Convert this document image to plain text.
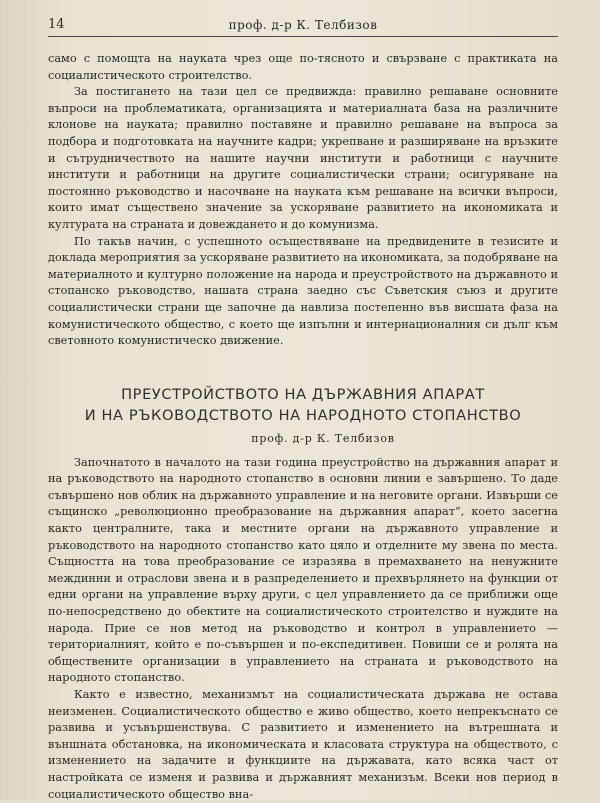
14	проф. д-р К. Телбизов

само с помощта на науката чрез още по-тясното и свързване с практиката на социалистическото строителство.

За постигането на тази цел се предвижда: правилно решаване основните въпроси на проблематиката, организацията и материалната база на различните клонове на науката; правилно поставяне и правилно решаване на въпроса за подбора и подготовката на научните кадри; укрепване и разширяване на връзките и сътрудничеството на нашите научни институти и работници с научните институти и работници на другите социалистически страни; осигуряване на постоянно ръководство и насочване на науката към решаване на всички въпроси, които имат съществено значение за ускоряване развитието на икономиката и културата на страната и довеждането и до комунизма.

По такъв начин, с успешното осъществяване на предвидените в тезисите и доклада мероприятия за ускоряване развитието на икономиката, за подобряване на материалното и културно положение на народа и преустройството на държавното и стопанско ръководство, нашата страна заедно със Съветския съюз и другите социалистически страни ще започне да навлиза постепенно във висшата фаза на комунистическото общество, с което ще изпълни и интернационалния си дълг към световното комунистическо движение.

ПРЕУСТРОЙСТВОТО НА ДЪРЖАВНИЯ АПАРАТ
И НА РЪКОВОДСТВОТО НА НАРОДНОТО СТОПАНСТВО
проф. д-р К. Телбизов

Започнатото в началото на тази година преустройство на държавния апарат и на ръководството на народното стопанство в основни линии е завършено. То даде съвършено нов облик на държавното управление и на неговите органи. Извърши се същинско „революционно преобразование на държавния апарат“, което засегна както централните, така и местните органи на държавното управление и ръководството на народното стопанство като цяло и отделните му звена по места. Същността на това преобразование се изразява в премахването на ненужните междинни и отраслови звена и в разпределението и прехвърлянето на функции от едни органи на управление върху други, с цел управлението да се приближи още по-непосредствено до обектите на социалистическото строителство и нуждите на народа. Прие се нов метод на ръководство и контрол в управлението — териториалният, който е по-съвършен и по-експедитивен. Повиши се и ролята на обществените организации в управлението на страната и ръководството на народното стопанство.

Както е известно, механизмът на социалистическата държава не остава неизменен. Социалистическото общество е живо общество, което непрекъснато се развива и усъвършенствува. С развитието и изменението на вътрешната и външната обстановка, на икономическата и класовата структура на обществото, с изменението на задачите и функциите на държавата, като всяка част от настройката се изменя и развива и държавният механизъм. Всеки нов период в социалистическото общество вна-
